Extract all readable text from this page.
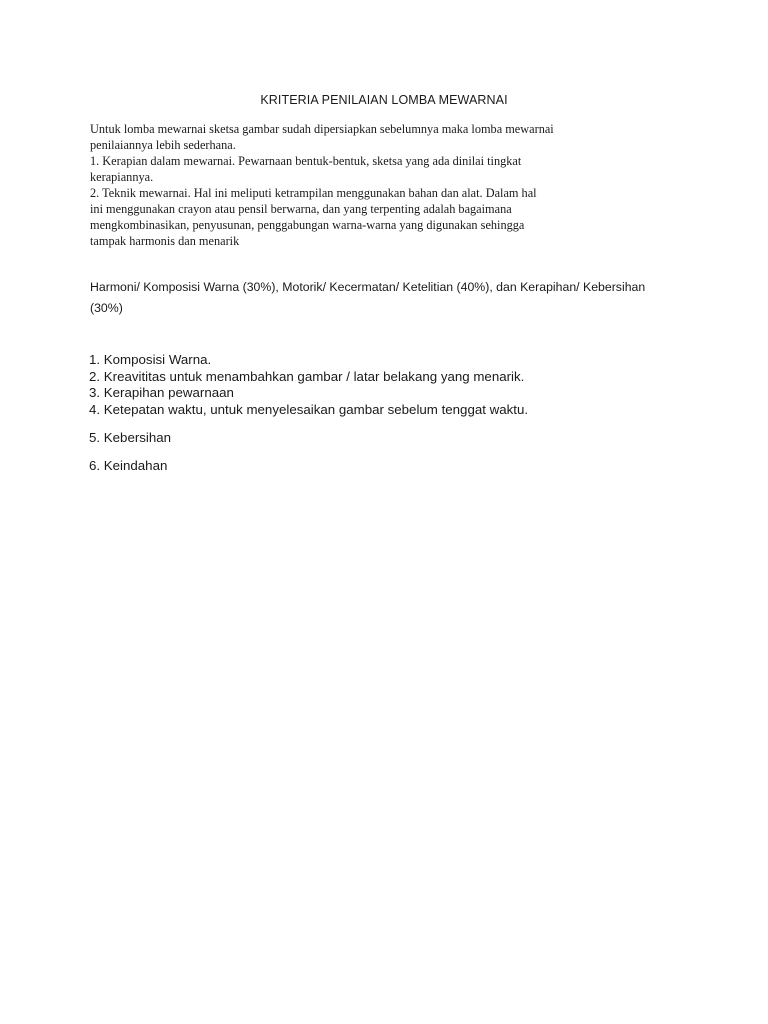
KRITERIA PENILAIAN LOMBA MEWARNAI

Untuk lomba mewarnai sketsa gambar sudah dipersiapkan sebelumnya maka lomba mewarnai
penilaiannya lebih sederhana.
1. Kerapian dalam mewarnai. Pewarnaan bentuk-bentuk, sketsa yang ada dinilai tingkat
kerapiannya.
2. Teknik mewarnai. Hal ini meliputi ketrampilan menggunakan bahan dan alat. Dalam hal
ini menggunakan crayon atau pensil berwarna, dan yang terpenting adalah bagaimana
mengkombinasikan, penyusunan, penggabungan warna-warna yang digunakan sehingga
tampak harmonis dan menarik

Harmoni/ Komposisi Warna (30%), Motorik/ Kecermatan/ Ketelitian (40%), dan Kerapihan/ Kebersihan
(30%)

1. Komposisi Warna.
2. Kreavititas untuk menambahkan gambar / latar belakang yang menarik.
3. Kerapihan pewarnaan
4. Ketepatan waktu, untuk menyelesaikan gambar sebelum tenggat waktu.

5. Kebersihan

6. Keindahan
